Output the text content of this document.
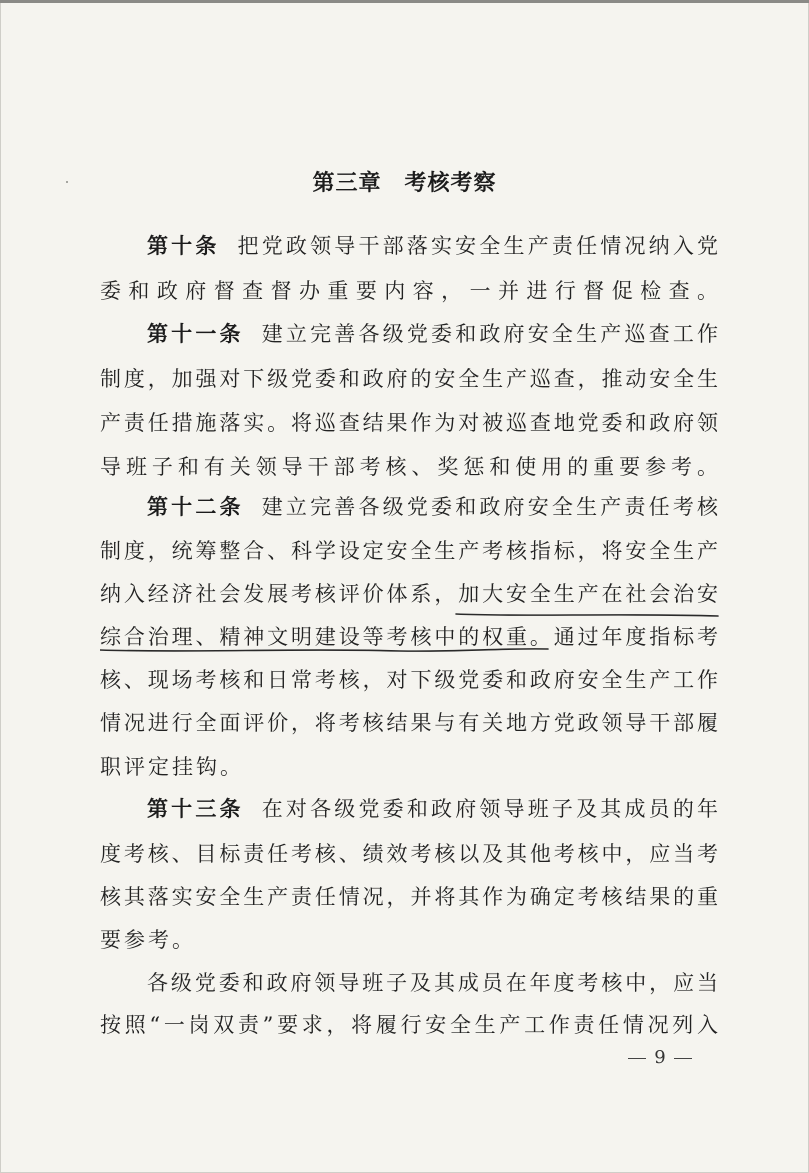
第三章　考核考察
第十条 把党政领导干部落实安全生产责任情况纳入党
委和政府督查督办重要内容，一并进行督促检查。
第十一条 建立完善各级党委和政府安全生产巡查工作
制度，加强对下级党委和政府的安全生产巡查，推动安全生
产责任措施落实。将巡查结果作为对被巡查地党委和政府领
导班子和有关领导干部考核、奖惩和使用的重要参考。
第十二条 建立完善各级党委和政府安全生产责任考核
制度，统筹整合、科学设定安全生产考核指标，将安全生产
纳入经济社会发展考核评价体系，加大安全生产在社会治安
综合治理、精神文明建设等考核中的权重。通过年度指标考
核、现场考核和日常考核，对下级党委和政府安全生产工作
情况进行全面评价，将考核结果与有关地方党政领导干部履
职评定挂钩。
第十三条 在对各级党委和政府领导班子及其成员的年
度考核、目标责任考核、绩效考核以及其他考核中，应当考
核其落实安全生产责任情况，并将其作为确定考核结果的重
要参考。
各级党委和政府领导班子及其成员在年度考核中，应当
按照“一岗双责”要求，将履行安全生产工作责任情况列入
9
